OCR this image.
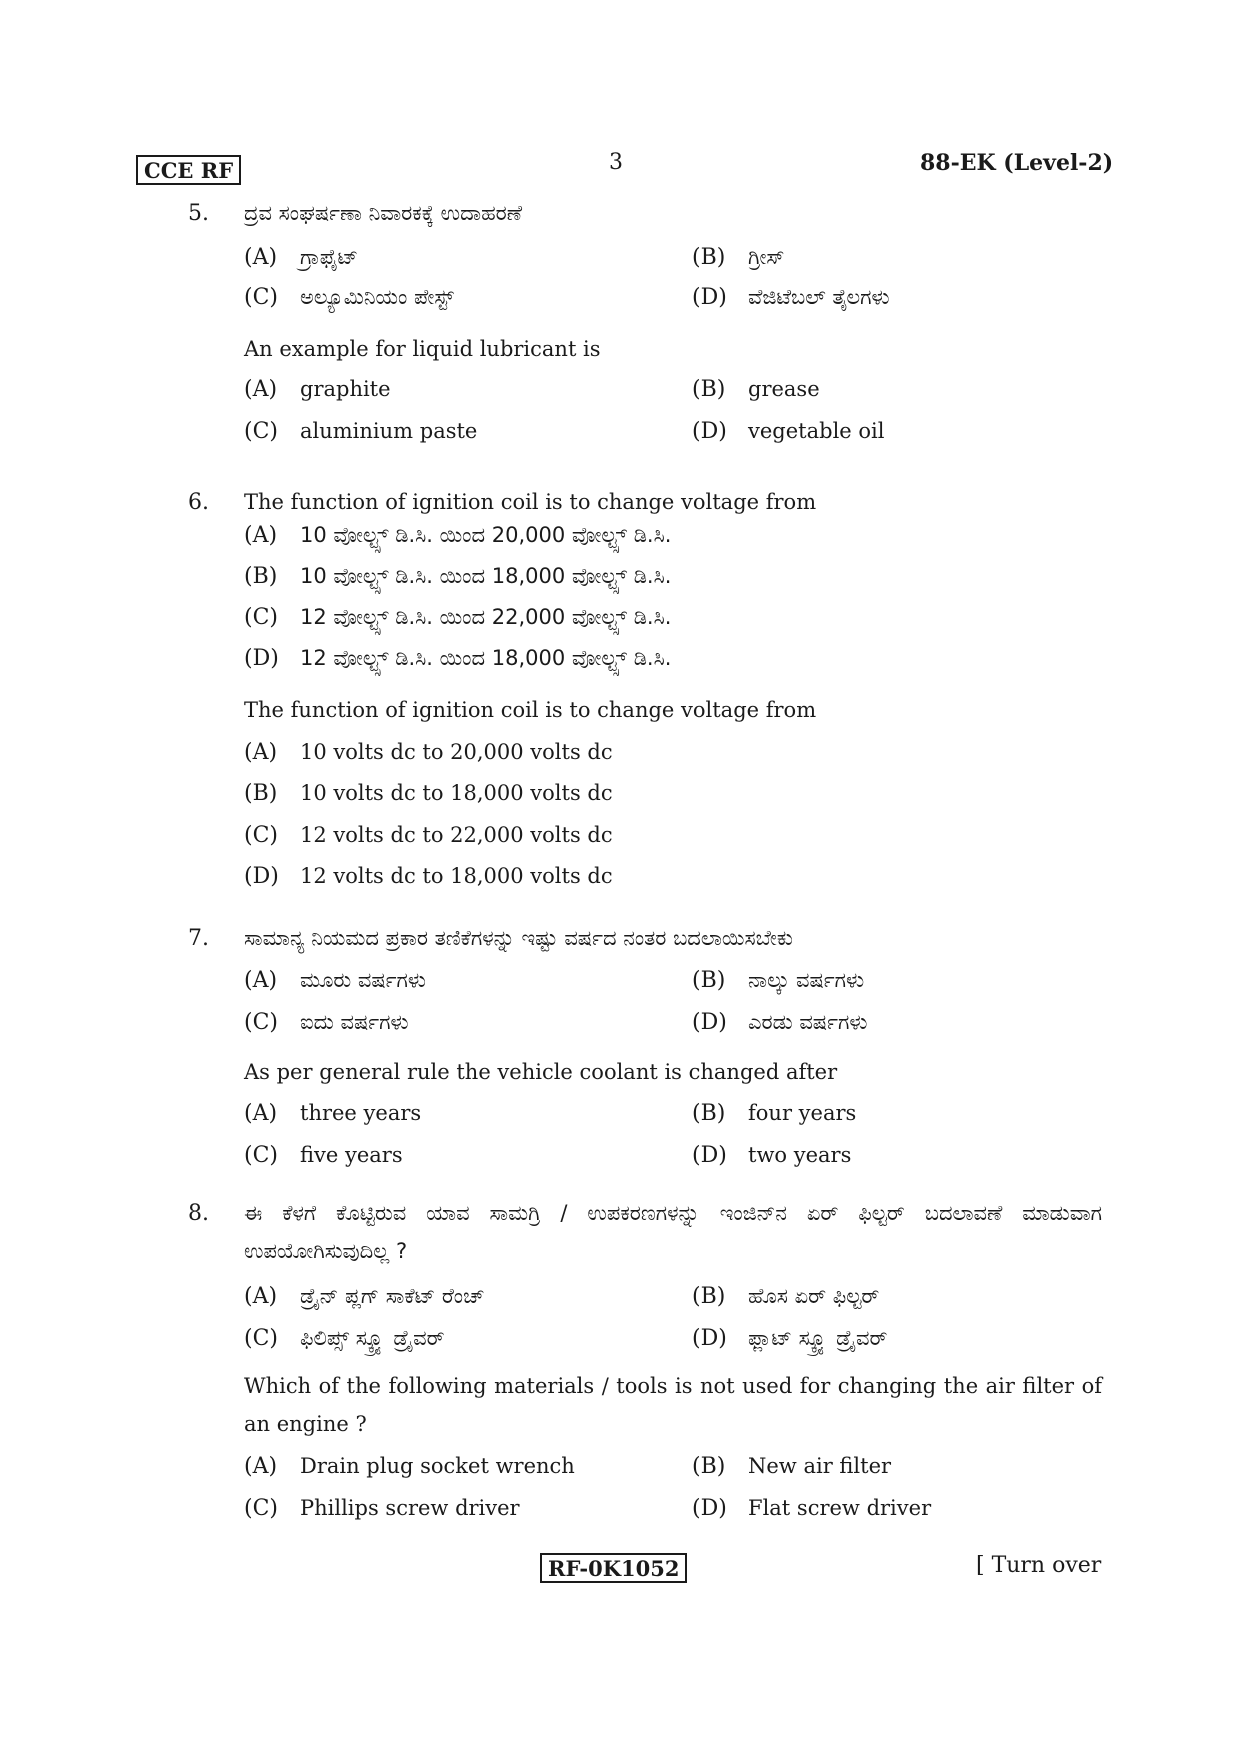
CCE RF	3	88-EK (Level-2)
5. ದ್ರವ ಸಂಘರ್ಷಣಾ ನಿವಾರಕಕ್ಕೆ ಉದಾಹರಣೆ
(A) ಗ್ರಾಫೈಟ್	(B) ಗ್ರೀಸ್
(C) ಅಲ್ಯೂಮಿನಿಯಂ ಪೇಸ್ಟ್	(D) ವೆಜಿಟೆಬಲ್ ತೈಲಗಳು
An example for liquid lubricant is
(A) graphite	(B) grease
(C) aluminium paste	(D) vegetable oil
6. The function of ignition coil is to change voltage from
(A) 10 ವೋಲ್ಟ್ಸ್ ಡಿ.ಸಿ. ಯಿಂದ 20,000 ವೋಲ್ಟ್ಸ್ ಡಿ.ಸಿ.
(B) 10 ವೋಲ್ಟ್ಸ್ ಡಿ.ಸಿ. ಯಿಂದ 18,000 ವೋಲ್ಟ್ಸ್ ಡಿ.ಸಿ.
(C) 12 ವೋಲ್ಟ್ಸ್ ಡಿ.ಸಿ. ಯಿಂದ 22,000 ವೋಲ್ಟ್ಸ್ ಡಿ.ಸಿ.
(D) 12 ವೋಲ್ಟ್ಸ್ ಡಿ.ಸಿ. ಯಿಂದ 18,000 ವೋಲ್ಟ್ಸ್ ಡಿ.ಸಿ.
The function of ignition coil is to change voltage from
(A) 10 volts dc to 20,000 volts dc
(B) 10 volts dc to 18,000 volts dc
(C) 12 volts dc to 22,000 volts dc
(D) 12 volts dc to 18,000 volts dc
7. ಸಾಮಾನ್ಯ ನಿಯಮದ ಪ್ರಕಾರ ತಣಿಕೆಗಳನ್ನು ಇಷ್ಟು ವರ್ಷದ ನಂತರ ಬದಲಾಯಿಸಬೇಕು
(A) ಮೂರು ವರ್ಷಗಳು	(B) ನಾಲ್ಕು ವರ್ಷಗಳು
(C) ಐದು ವರ್ಷಗಳು	(D) ಎರಡು ವರ್ಷಗಳು
As per general rule the vehicle coolant is changed after
(A) three years	(B) four years
(C) five years	(D) two years
8. ಈ ಕೆಳಗೆ ಕೊಟ್ಟಿರುವ ಯಾವ ಸಾಮಗ್ರಿ / ಉಪಕರಣಗಳನ್ನು ಇಂಜಿನ್‌ನ ಏರ್ ಫಿಲ್ಟರ್ ಬದಲಾವಣೆ ಮಾಡುವಾಗ ಉಪಯೋಗಿಸುವುದಿಲ್ಲ ?
(A) ಡ್ರೈನ್ ಪ್ಲಗ್ ಸಾಕೆಟ್ ರೆಂಚ್	(B) ಹೊಸ ಏರ್ ಫಿಲ್ಟರ್
(C) ಫಿಲಿಪ್ಸ್ ಸ್ಕ್ರ್ಯೂ ಡ್ರೈವರ್	(D) ಫ್ಲಾಟ್ ಸ್ಕ್ರ್ಯೂ ಡ್ರೈವರ್
Which of the following materials / tools is not used for changing the air filter of an engine ?
(A) Drain plug socket wrench	(B) New air filter
(C) Phillips screw driver	(D) Flat screw driver
RF-0K1052	[ Turn over
